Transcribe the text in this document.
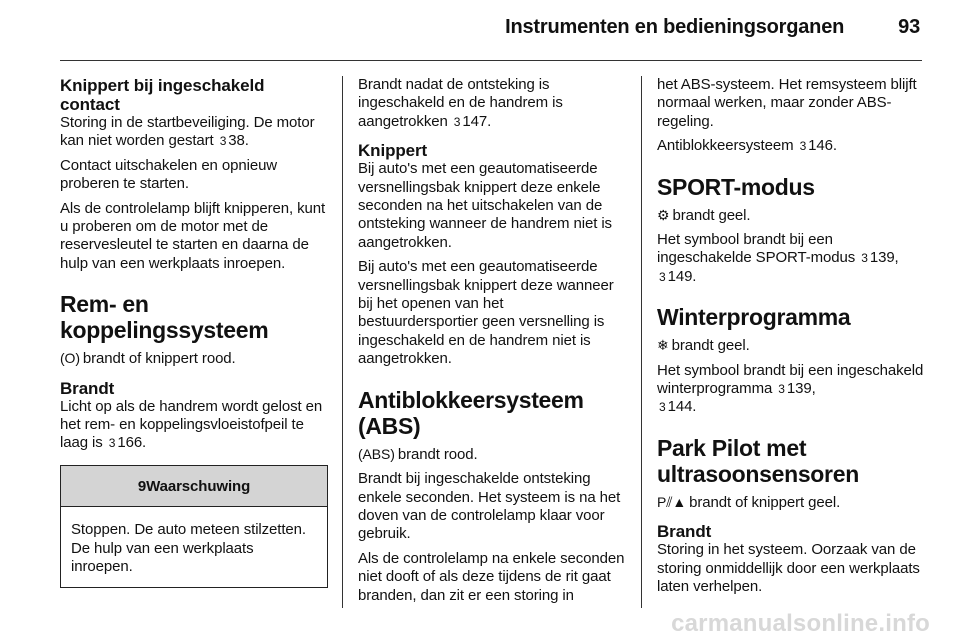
Instrumenten en bedieningsorganen	93
Knippert bij ingeschakeld contact

Storing in de startbeveiliging. De motor kan niet worden gestart 3 38.

Contact uitschakelen en opnieuw proberen te starten.

Als de controlelamp blijft knipperen, kunt u proberen om de motor met de reservesleutel te starten en daarna de hulp van een werkplaats inroepen.

Rem- en koppelingssysteem

(O) brandt of knippert rood.

Brandt

Licht op als de handrem wordt gelost en het rem- en koppelingsvloeistofpeil te laag is 3 166.

9Waarschuwing
Stoppen. De auto meteen stilzetten. De hulp van een werkplaats inroepen.

Brandt nadat de ontsteking is ingeschakeld en de handrem is aangetrokken 3 147.

Knippert

Bij auto's met een geautomatiseerde versnellingsbak knippert deze enkele seconden na het uitschakelen van de ontsteking wanneer de handrem niet is aangetrokken.

Bij auto's met een geautomatiseerde versnellingsbak knippert deze wanneer bij het openen van het bestuurdersportier geen versnelling is ingeschakeld en de handrem niet is aangetrokken.

Antiblokkeersysteem (ABS)

(ABS) brandt rood.

Brandt bij ingeschakelde ontsteking enkele seconden. Het systeem is na het doven van de controlelamp klaar voor gebruik.

Als de controlelamp na enkele seconden niet dooft of als deze tijdens de rit gaat branden, dan zit er een storing in

het ABS-systeem. Het remsysteem blijft normaal werken, maar zonder ABS-regeling.

Antiblokkeersysteem 3 146.

SPORT-modus

⚙ brandt geel.

Het symbool brandt bij een ingeschakelde SPORT-modus 3 139, 3 149.

Winterprogramma

❄ brandt geel.

Het symbool brandt bij een ingeschakeld winterprogramma 3 139,
3 144.

Park Pilot met ultrasoonsensoren

P⫽▲ brandt of knippert geel.

Brandt

Storing in het systeem. Oorzaak van de storing onmiddellijk door een werkplaats laten verhelpen.

carmanualsonline.info
